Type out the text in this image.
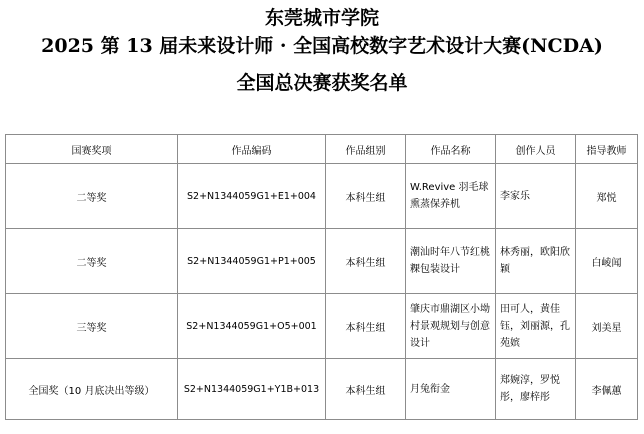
东莞城市学院
2025 第 13 届未来设计师 · 全国高校数字艺术设计大赛(NCDA)
全国总决赛获奖名单
国赛奖项	作品编码	作品组别	作品名称	创作人员	指导教师
二等奖	S2+N1344059G1+E1+004	本科生组	W.Revive 羽毛球熏蒸保养机	李家乐	郑悦
二等奖	S2+N1344059G1+P1+005	本科生组	潮汕时年八节红桃粿包装设计	林秀丽，欧阳欣颖	白崚闻
三等奖	S2+N1344059G1+O5+001	本科生组	肇庆市鼎湖区小坳村景观规划与创意设计	田可人，黄佳钰，刘丽源，孔苑嫔	刘美星
全国奖（10 月底决出等级）	S2+N1344059G1+Y1B+013	本科生组	月兔衔金	郑婉淳，罗悦彤，廖梓彤	李佩蕙
